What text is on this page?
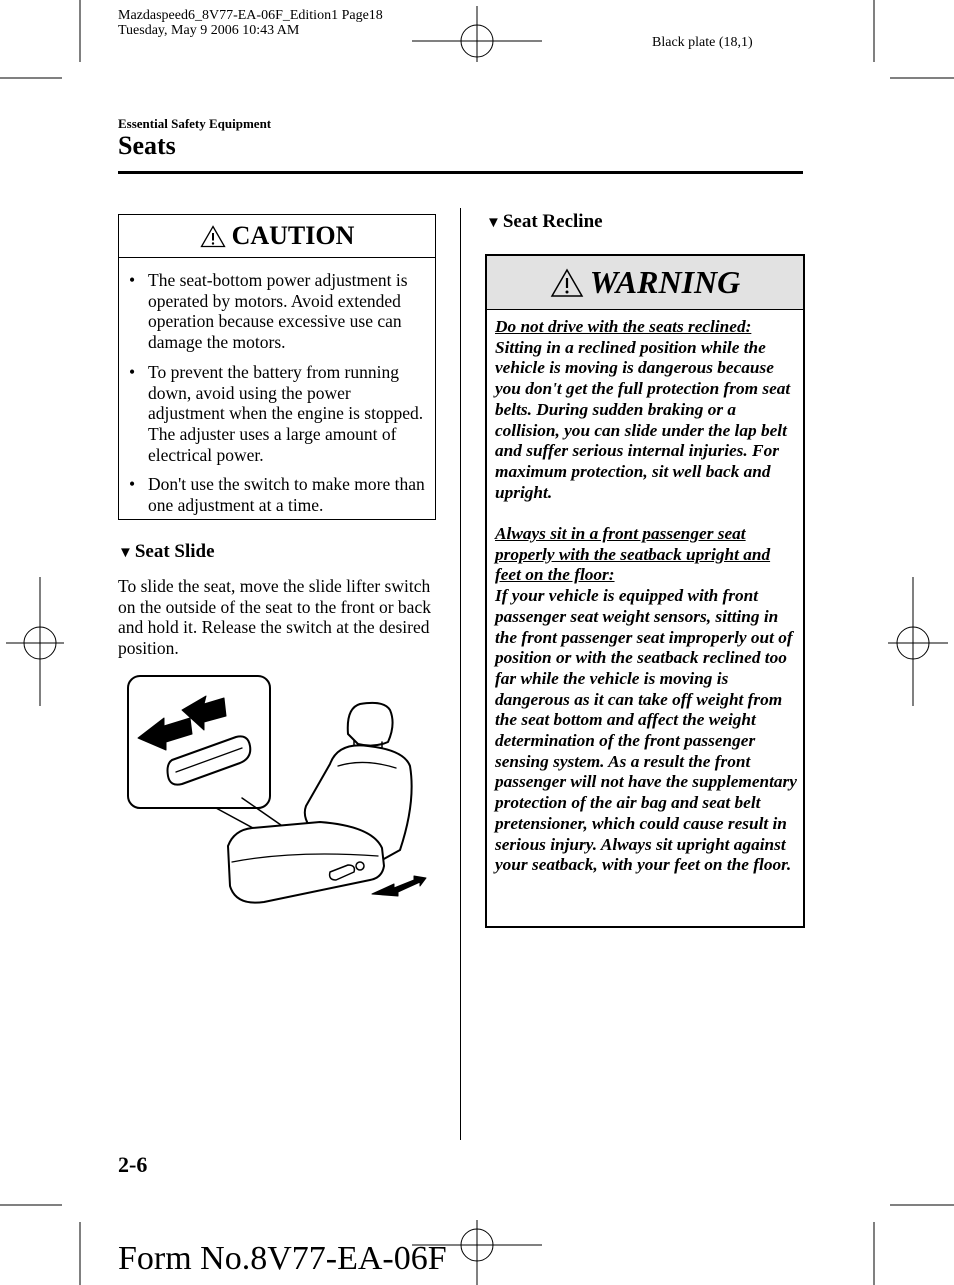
Mazdaspeed6_8V77-EA-06F_Edition1 Page18
Tuesday, May 9 2006 10:43 AM
Black plate (18,1)
Essential Safety Equipment
Seats
CAUTION
• The seat-bottom power adjustment is operated by motors. Avoid extended operation because excessive use can damage the motors.
• To prevent the battery from running down, avoid using the power adjustment when the engine is stopped. The adjuster uses a large amount of electrical power.
• Don't use the switch to make more than one adjustment at a time.
▼ Seat Slide
To slide the seat, move the slide lifter switch on the outside of the seat to the front or back and hold it. Release the switch at the desired position.
▼ Seat Recline
WARNING

Do not drive with the seats reclined:

Sitting in a reclined position while the vehicle is moving is dangerous because you don't get the full protection from seat belts. During sudden braking or a collision, you can slide under the lap belt and suffer serious internal injuries. For maximum protection, sit well back and upright.

Always sit in a front passenger seat properly with the seatback upright and feet on the floor:

If your vehicle is equipped with front passenger seat weight sensors, sitting in the front passenger seat improperly out of position or with the seatback reclined too far while the vehicle is moving is dangerous as it can take off weight from the seat bottom and affect the weight determination of the front passenger sensing system. As a result the front passenger will not have the supplementary protection of the air bag and seat belt pretensioner, which could cause result in serious injury. Always sit upright against your seatback, with your feet on the floor.

2-6
Form No.8V77-EA-06F
